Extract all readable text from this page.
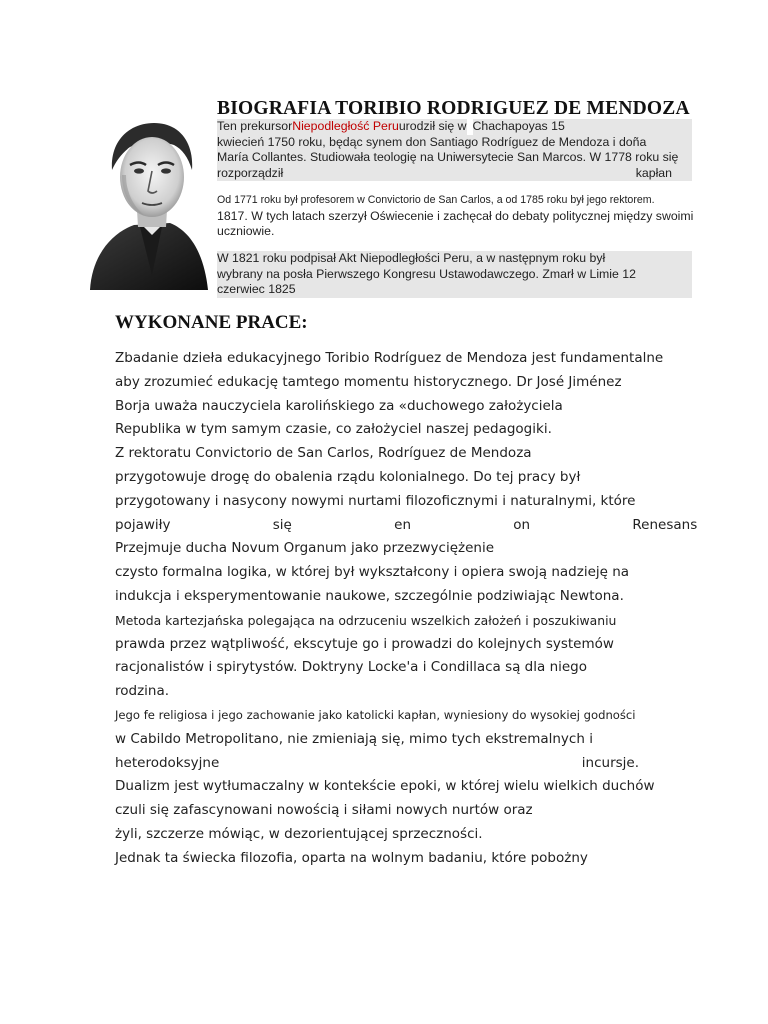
BIOGRAFIA TORIBIO RODRIGUEZ DE MENDOZA
Ten prekursorNiepodległość Peruurodził się w Chachapoyas 15
kwiecień 1750 roku, będąc synem don Santiago Rodríguez de Mendoza i doña
María Collantes. Studiowała teologię na Uniwersytecie San Marcos. W 1778 roku się
rozporządził	kapłan
Od 1771 roku był profesorem w Convictorio de San Carlos, a od 1785 roku był jego rektorem.
1817. W tych latach szerzył Oświecenie i zachęcał do debaty politycznej między swoimi
uczniowie.
W 1821 roku podpisał Akt Niepodległości Peru, a w następnym roku był
wybrany na posła Pierwszego Kongresu Ustawodawczego. Zmarł w Limie 12
czerwiec 1825
WYKONANE PRACE:
Zbadanie dzieła edukacyjnego Toribio Rodríguez de Mendoza jest fundamentalne
aby zrozumieć edukację tamtego momentu historycznego. Dr José Jiménez
Borja uważa nauczyciela karolińskiego za «duchowego założyciela
Republika w tym samym czasie, co założyciel naszej pedagogiki.
Z rektoratu Convictorio de San Carlos, Rodríguez de Mendoza
przygotowuje drogę do obalenia rządu kolonialnego. Do tej pracy był
przygotowany i nasycony nowymi nurtami filozoficznymi i naturalnymi, które
pojawiły się en on Renesans
Przejmuje ducha Novum Organum jako przezwyciężenie
czysto formalna logika, w której był wykształcony i opiera swoją nadzieję na
indukcja i eksperymentowanie naukowe, szczególnie podziwiając Newtona.
Metoda kartezjańska polegająca na odrzuceniu wszelkich założeń i poszukiwaniu
prawda przez wątpliwość, ekscytuje go i prowadzi do kolejnych systemów
racjonalistów i spirytystów. Doktryny Locke'a i Condillaca są dla niego
rodzina.
Jego fe religiosa i jego zachowanie jako katolicki kapłan, wyniesiony do wysokiej godności
w Cabildo Metropolitano, nie zmieniają się, mimo tych ekstremalnych i
heterodoksyjne	incursje.
Dualizm jest wytłumaczalny w kontekście epoki, w której wielu wielkich duchów
czuli się zafascynowani nowością i siłami nowych nurtów oraz
żyli, szczerze mówiąc, w dezorientującej sprzeczności.
Jednak ta świecka filozofia, oparta na wolnym badaniu, które pobożny
